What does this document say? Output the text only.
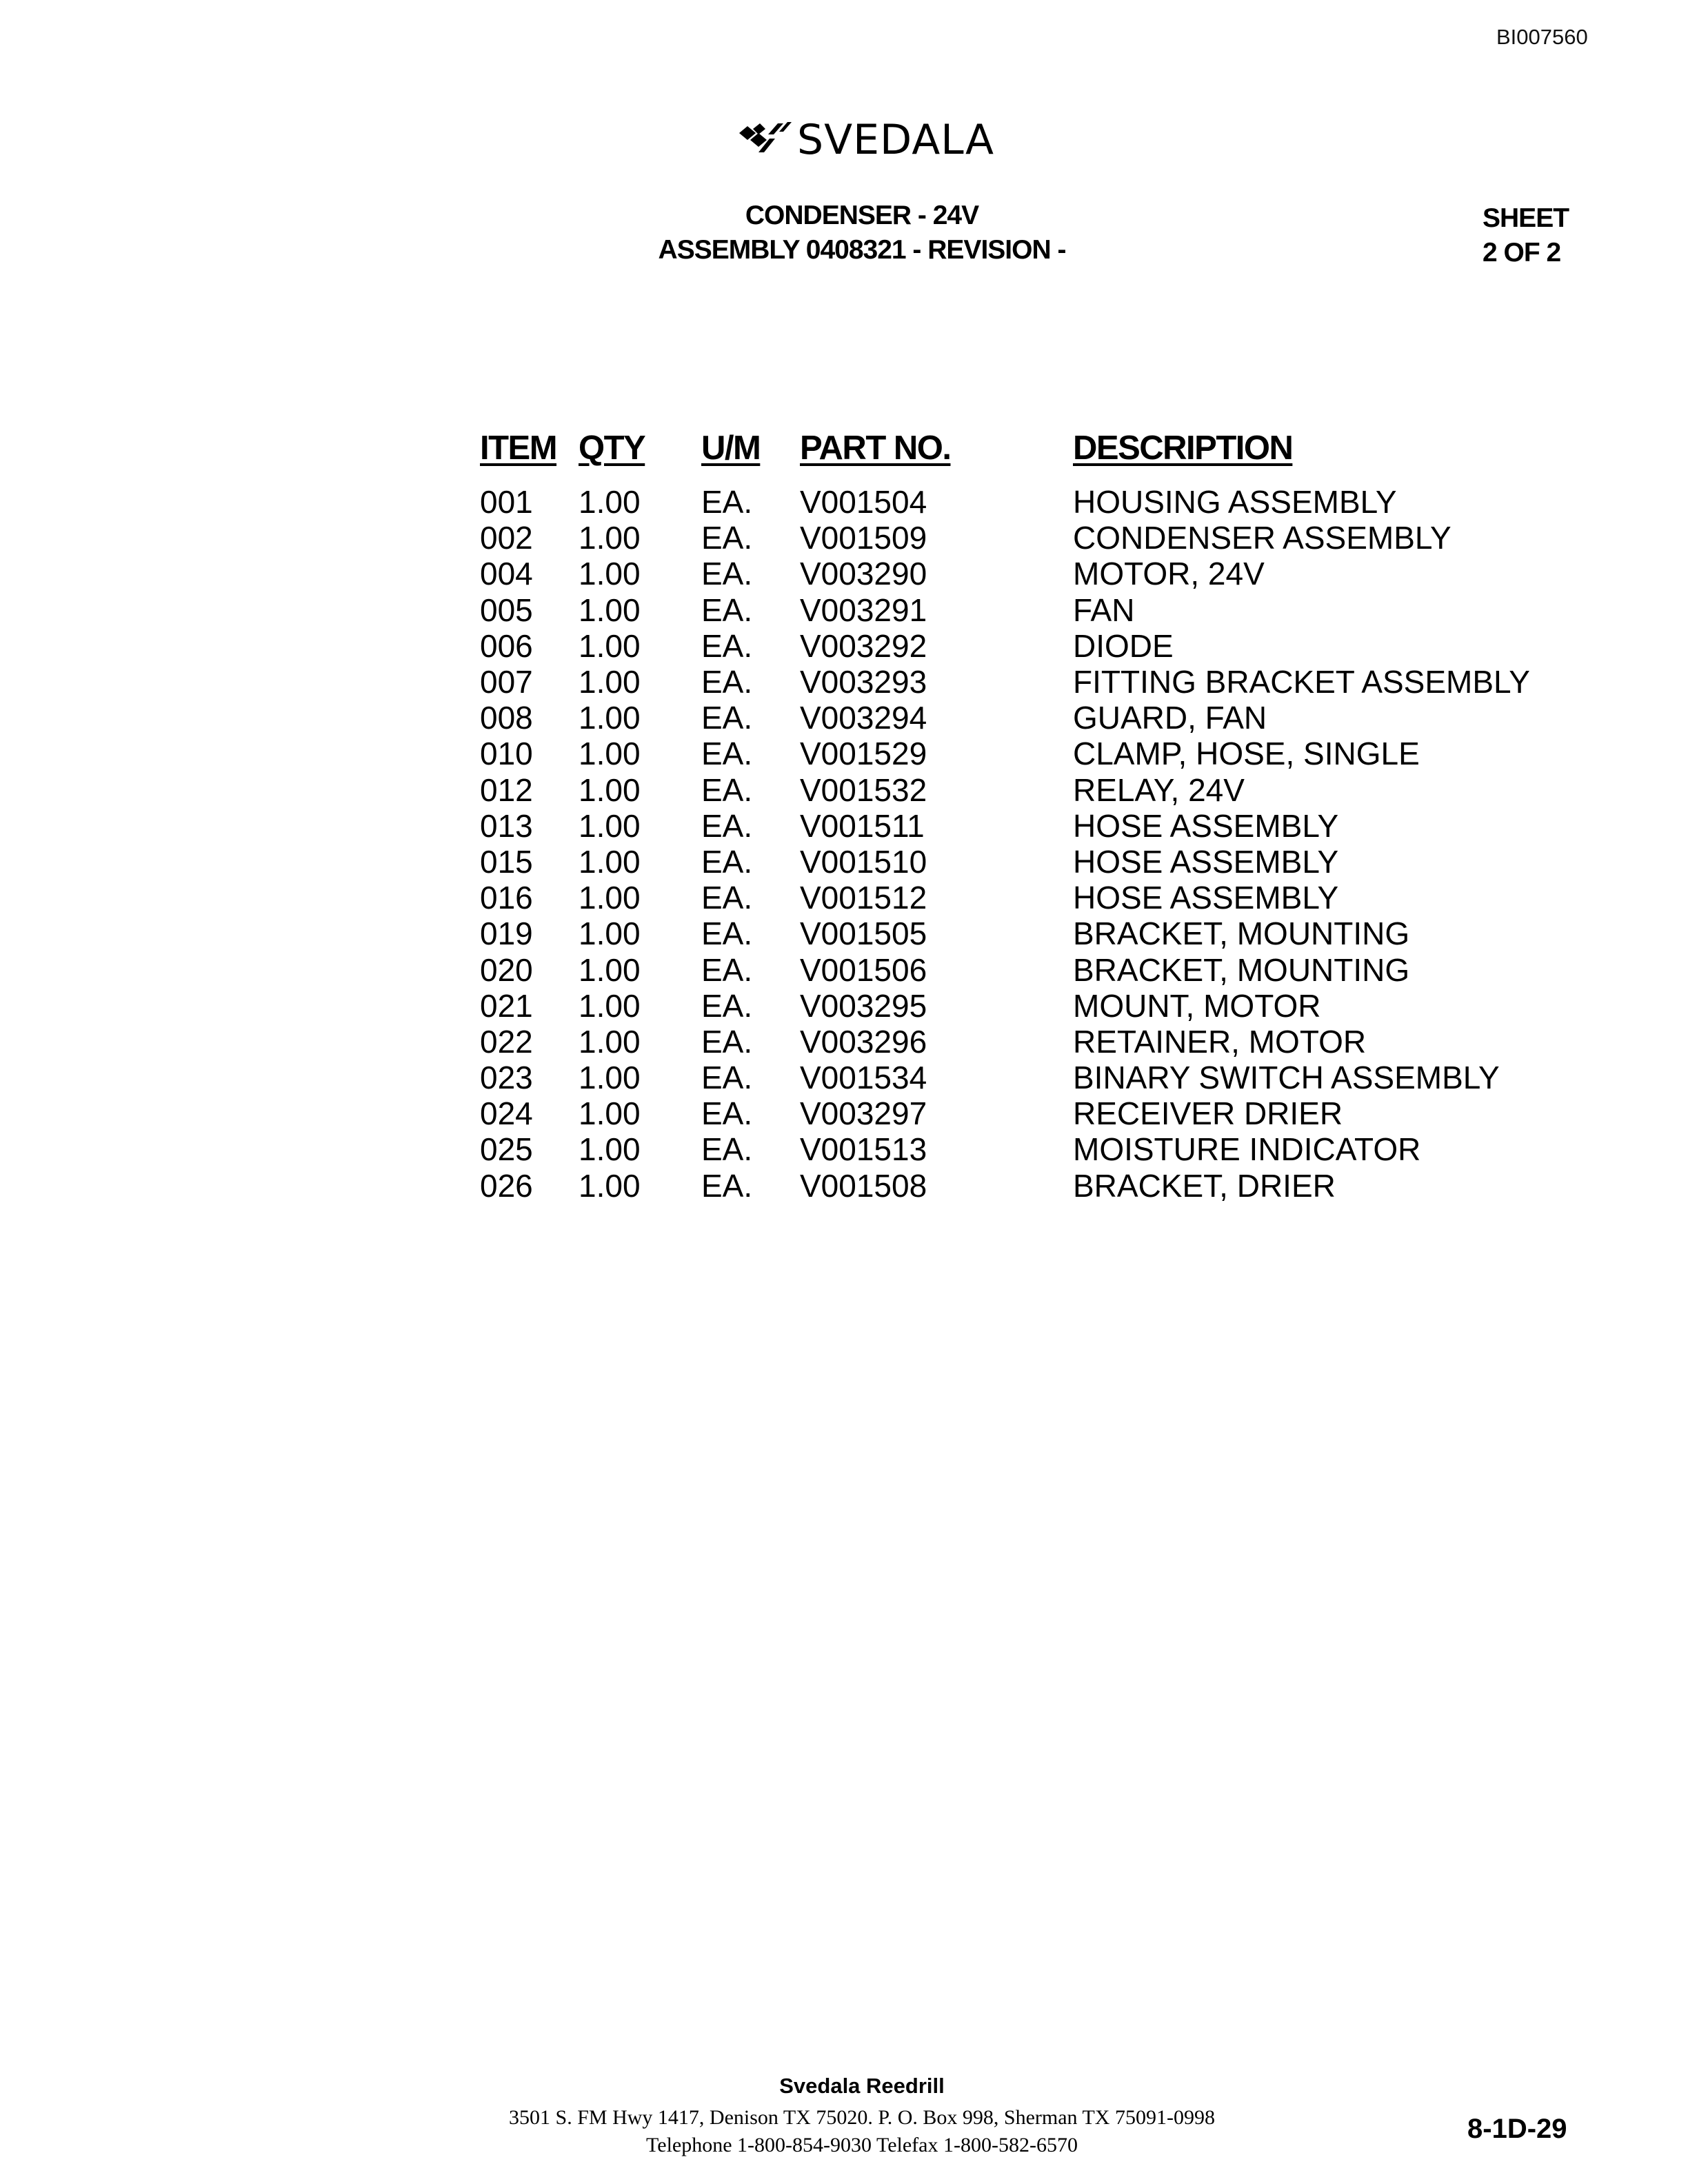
BI007560
SVEDALA
CONDENSER - 24V
ASSEMBLY 0408321 - REVISION -
SHEET
2 OF 2
ITEM	QTY	U/M	PART NO.	DESCRIPTION
001	1.00	EA.	V001504	HOUSING ASSEMBLY
002	1.00	EA.	V001509	CONDENSER ASSEMBLY
004	1.00	EA.	V003290	MOTOR, 24V
005	1.00	EA.	V003291	FAN
006	1.00	EA.	V003292	DIODE
007	1.00	EA.	V003293	FITTING BRACKET ASSEMBLY
008	1.00	EA.	V003294	GUARD, FAN
010	1.00	EA.	V001529	CLAMP, HOSE, SINGLE
012	1.00	EA.	V001532	RELAY, 24V
013	1.00	EA.	V001511	HOSE ASSEMBLY
015	1.00	EA.	V001510	HOSE ASSEMBLY
016	1.00	EA.	V001512	HOSE ASSEMBLY
019	1.00	EA.	V001505	BRACKET, MOUNTING
020	1.00	EA.	V001506	BRACKET, MOUNTING
021	1.00	EA.	V003295	MOUNT, MOTOR
022	1.00	EA.	V003296	RETAINER, MOTOR
023	1.00	EA.	V001534	BINARY SWITCH ASSEMBLY
024	1.00	EA.	V003297	RECEIVER DRIER
025	1.00	EA.	V001513	MOISTURE INDICATOR
026	1.00	EA.	V001508	BRACKET, DRIER
Svedala Reedrill
3501 S. FM Hwy 1417, Denison TX 75020. P. O. Box 998, Sherman TX 75091-0998
Telephone 1-800-854-9030 Telefax 1-800-582-6570
8-1D-29
